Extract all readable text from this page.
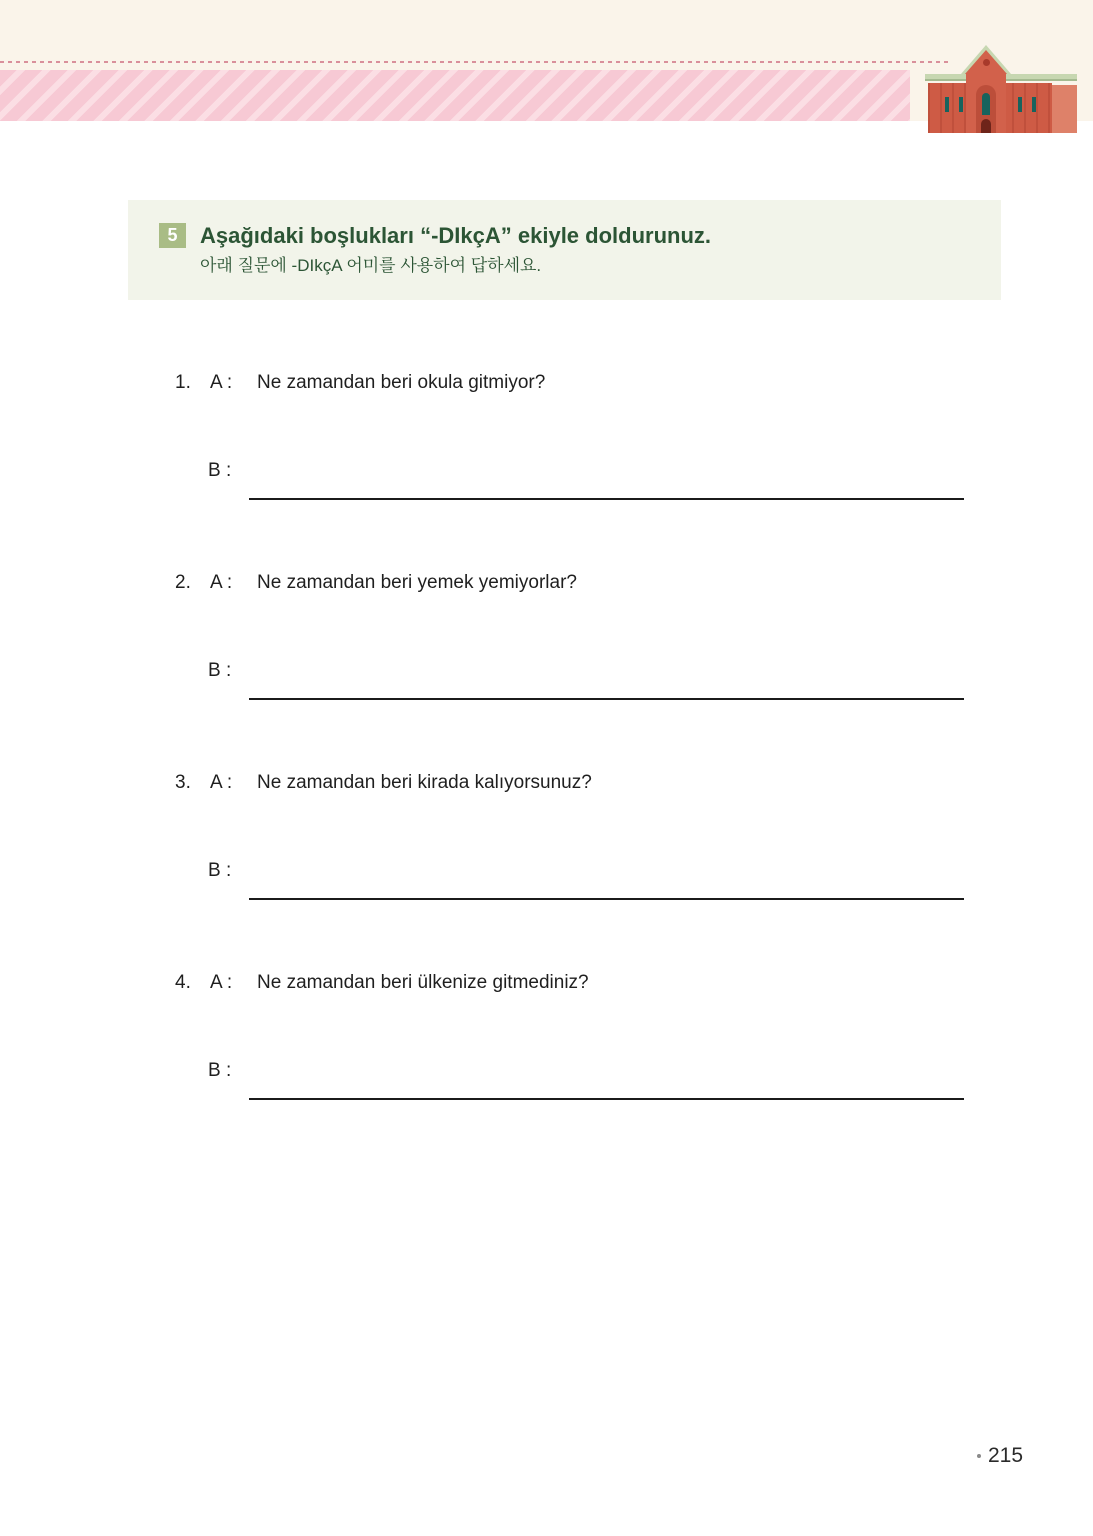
5	Aşağıdaki boşlukları “-DIkçA” ekiyle doldurunuz.
아래 질문에 -DIkçA 어미를 사용하여 답하세요.
1. A : Ne zamandan beri okula gitmiyor?
B :
2. A : Ne zamandan beri yemek yemiyorlar?
B :
3. A : Ne zamandan beri kirada kalıyorsunuz?
B :
4. A : Ne zamandan beri ülkenize gitmediniz?
B :
215
